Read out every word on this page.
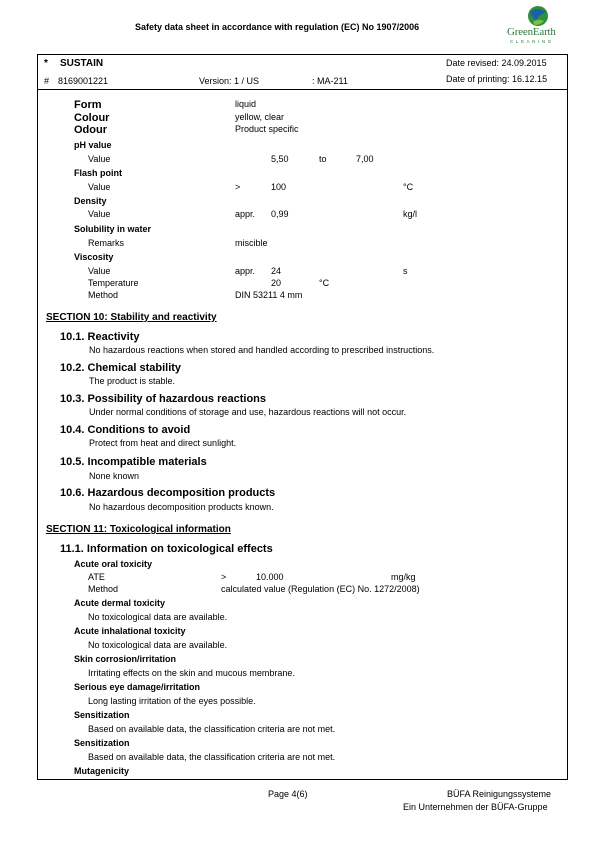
Safety data sheet in accordance with regulation (EC) No 1907/2006	GreenEarth
CLEANING
* SUSTAIN	Date revised: 24.09.2015
# 8169001221	Version: 1 / US	: MA-211	Date of printing: 16.12.15
Form	liquid
Colour	yellow, clear
Odour	Product specific
pH value
Value	5,50	to	7,00
Flash point
Value	>	100	°C
Density
Value	appr. 0,99	kg/l
Solubility in water
Remarks	miscible
Viscosity
Value	appr. 24	s
Temperature	20	°C
Method	DIN 53211 4 mm
SECTION 10: Stability and reactivity
10.1. Reactivity
No hazardous reactions when stored and handled according to prescribed instructions.
10.2. Chemical stability
The product is stable.
10.3. Possibility of hazardous reactions
Under normal conditions of storage and use, hazardous reactions will not occur.
10.4. Conditions to avoid
Protect from heat and direct sunlight.
10.5. Incompatible materials
None known
10.6. Hazardous decomposition products
No hazardous decomposition products known.
SECTION 11: Toxicological information
11.1. Information on toxicological effects
Acute oral toxicity
ATE	>	10.000	mg/kg
Method	calculated value (Regulation (EC) No. 1272/2008)
Acute dermal toxicity
No toxicological data are available.
Acute inhalational toxicity
No toxicological data are available.
Skin corrosion/irritation
Irritating effects on the skin and mucous membrane.
Serious eye damage/irritation
Long lasting irritation of the eyes possible.
Sensitization
Based on available data, the classification criteria are not met.
Sensitization
Based on available data, the classification criteria are not met.
Mutagenicity
Page 4(6)	BÜFA Reinigungssysteme
Ein Unternehmen der BÜFA-Gruppe
